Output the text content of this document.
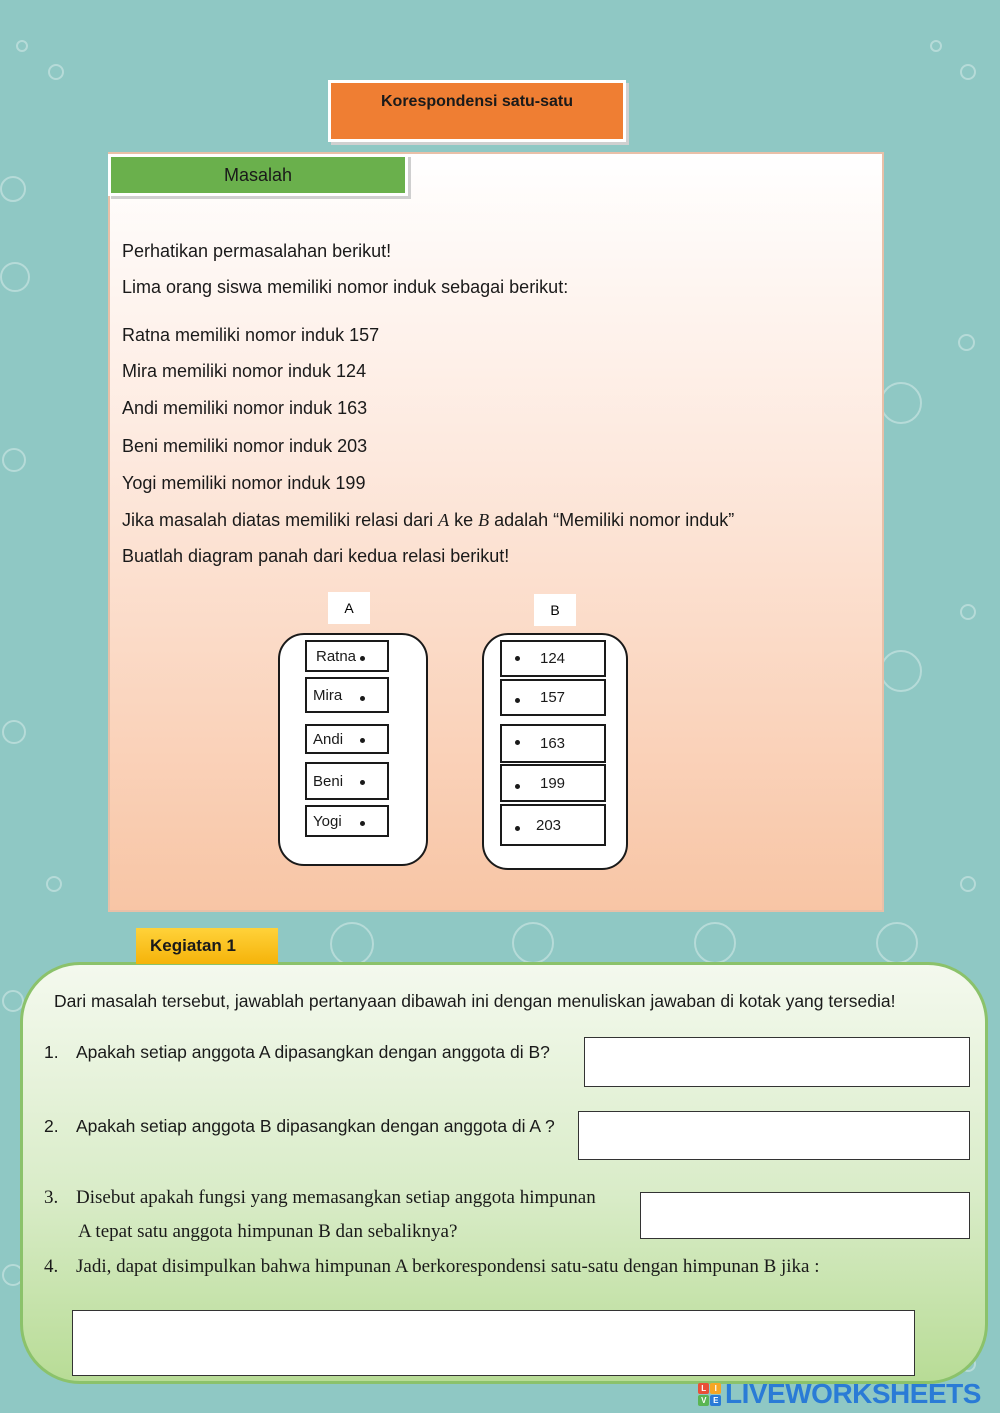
Korespondensi satu-satu
Masalah
Perhatikan permasalahan berikut!
Lima orang siswa memiliki nomor induk sebagai berikut:
Ratna memiliki nomor induk 157
Mira memiliki nomor induk 124
Andi memiliki nomor induk 163
Beni memiliki nomor induk 203
Yogi memiliki nomor induk 199
Jika masalah diatas memiliki relasi dari A ke B adalah “Memiliki nomor induk”
Buatlah diagram panah dari kedua relasi berikut!
A	B
Ratna
Mira
Andi
Beni
Yogi
124
157
163
199
203
Kegiatan 1
Dari masalah tersebut, jawablah pertanyaan dibawah ini dengan menuliskan jawaban di kotak yang tersedia!
1. Apakah setiap anggota A dipasangkan dengan anggota di B?
2. Apakah setiap anggota B dipasangkan dengan anggota di A ?
3. Disebut apakah fungsi yang memasangkan setiap anggota himpunan
A tepat satu anggota himpunan B dan sebaliknya?
4. Jadi, dapat disimpulkan bahwa himpunan A berkorespondensi satu-satu dengan himpunan B jika :
L	I
V E LIVEWORKSHEETS
